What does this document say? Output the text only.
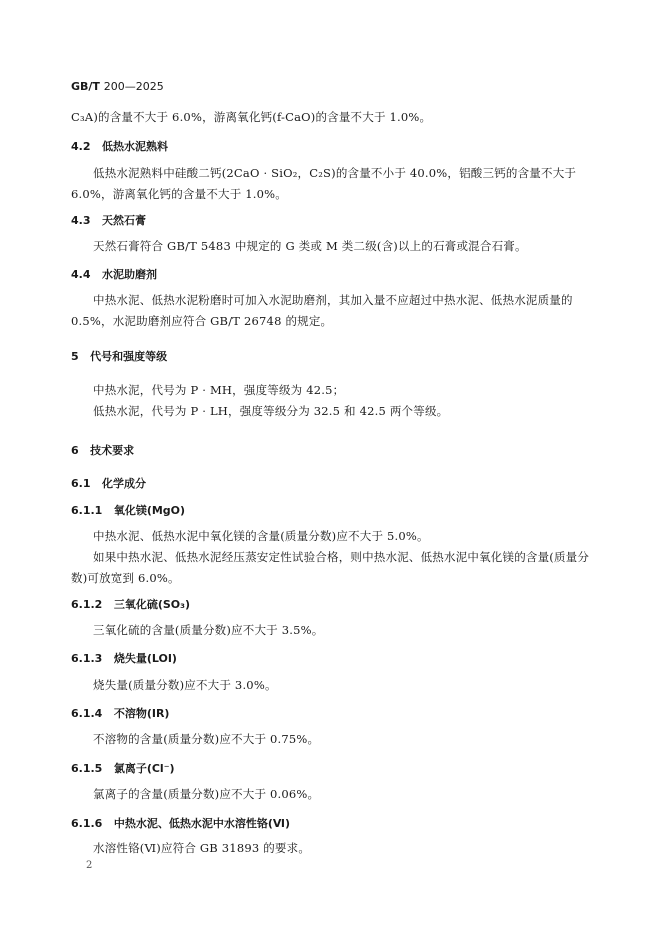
GB/T 200—2025
C₃A)的含量不大于 6.0%，游离氧化钙(f-CaO)的含量不大于 1.0%。
4.2 低热水泥熟料
低热水泥熟料中硅酸二钙(2CaO · SiO₂，C₂S)的含量不小于 40.0%，铝酸三钙的含量不大于
6.0%，游离氧化钙的含量不大于 1.0%。
4.3 天然石膏
天然石膏符合 GB/T 5483 中规定的 G 类或 M 类二级(含)以上的石膏或混合石膏。
4.4 水泥助磨剂
中热水泥、低热水泥粉磨时可加入水泥助磨剂，其加入量不应超过中热水泥、低热水泥质量的
0.5%，水泥助磨剂应符合 GB/T 26748 的规定。
5 代号和强度等级
中热水泥，代号为 P · MH，强度等级为 42.5；
低热水泥，代号为 P · LH，强度等级分为 32.5 和 42.5 两个等级。
6 技术要求
6.1 化学成分
6.1.1 氧化镁(MgO)
中热水泥、低热水泥中氧化镁的含量(质量分数)应不大于 5.0%。
如果中热水泥、低热水泥经压蒸安定性试验合格，则中热水泥、低热水泥中氧化镁的含量(质量分
数)可放宽到 6.0%。
6.1.2 三氧化硫(SO₃)
三氧化硫的含量(质量分数)应不大于 3.5%。
6.1.3 烧失量(LOI)
烧失量(质量分数)应不大于 3.0%。
6.1.4 不溶物(IR)
不溶物的含量(质量分数)应不大于 0.75%。
6.1.5 氯离子(Cl⁻)
氯离子的含量(质量分数)应不大于 0.06%。
6.1.6 中热水泥、低热水泥中水溶性铬(Ⅵ)
水溶性铬(Ⅵ)应符合 GB 31893 的要求。
2
